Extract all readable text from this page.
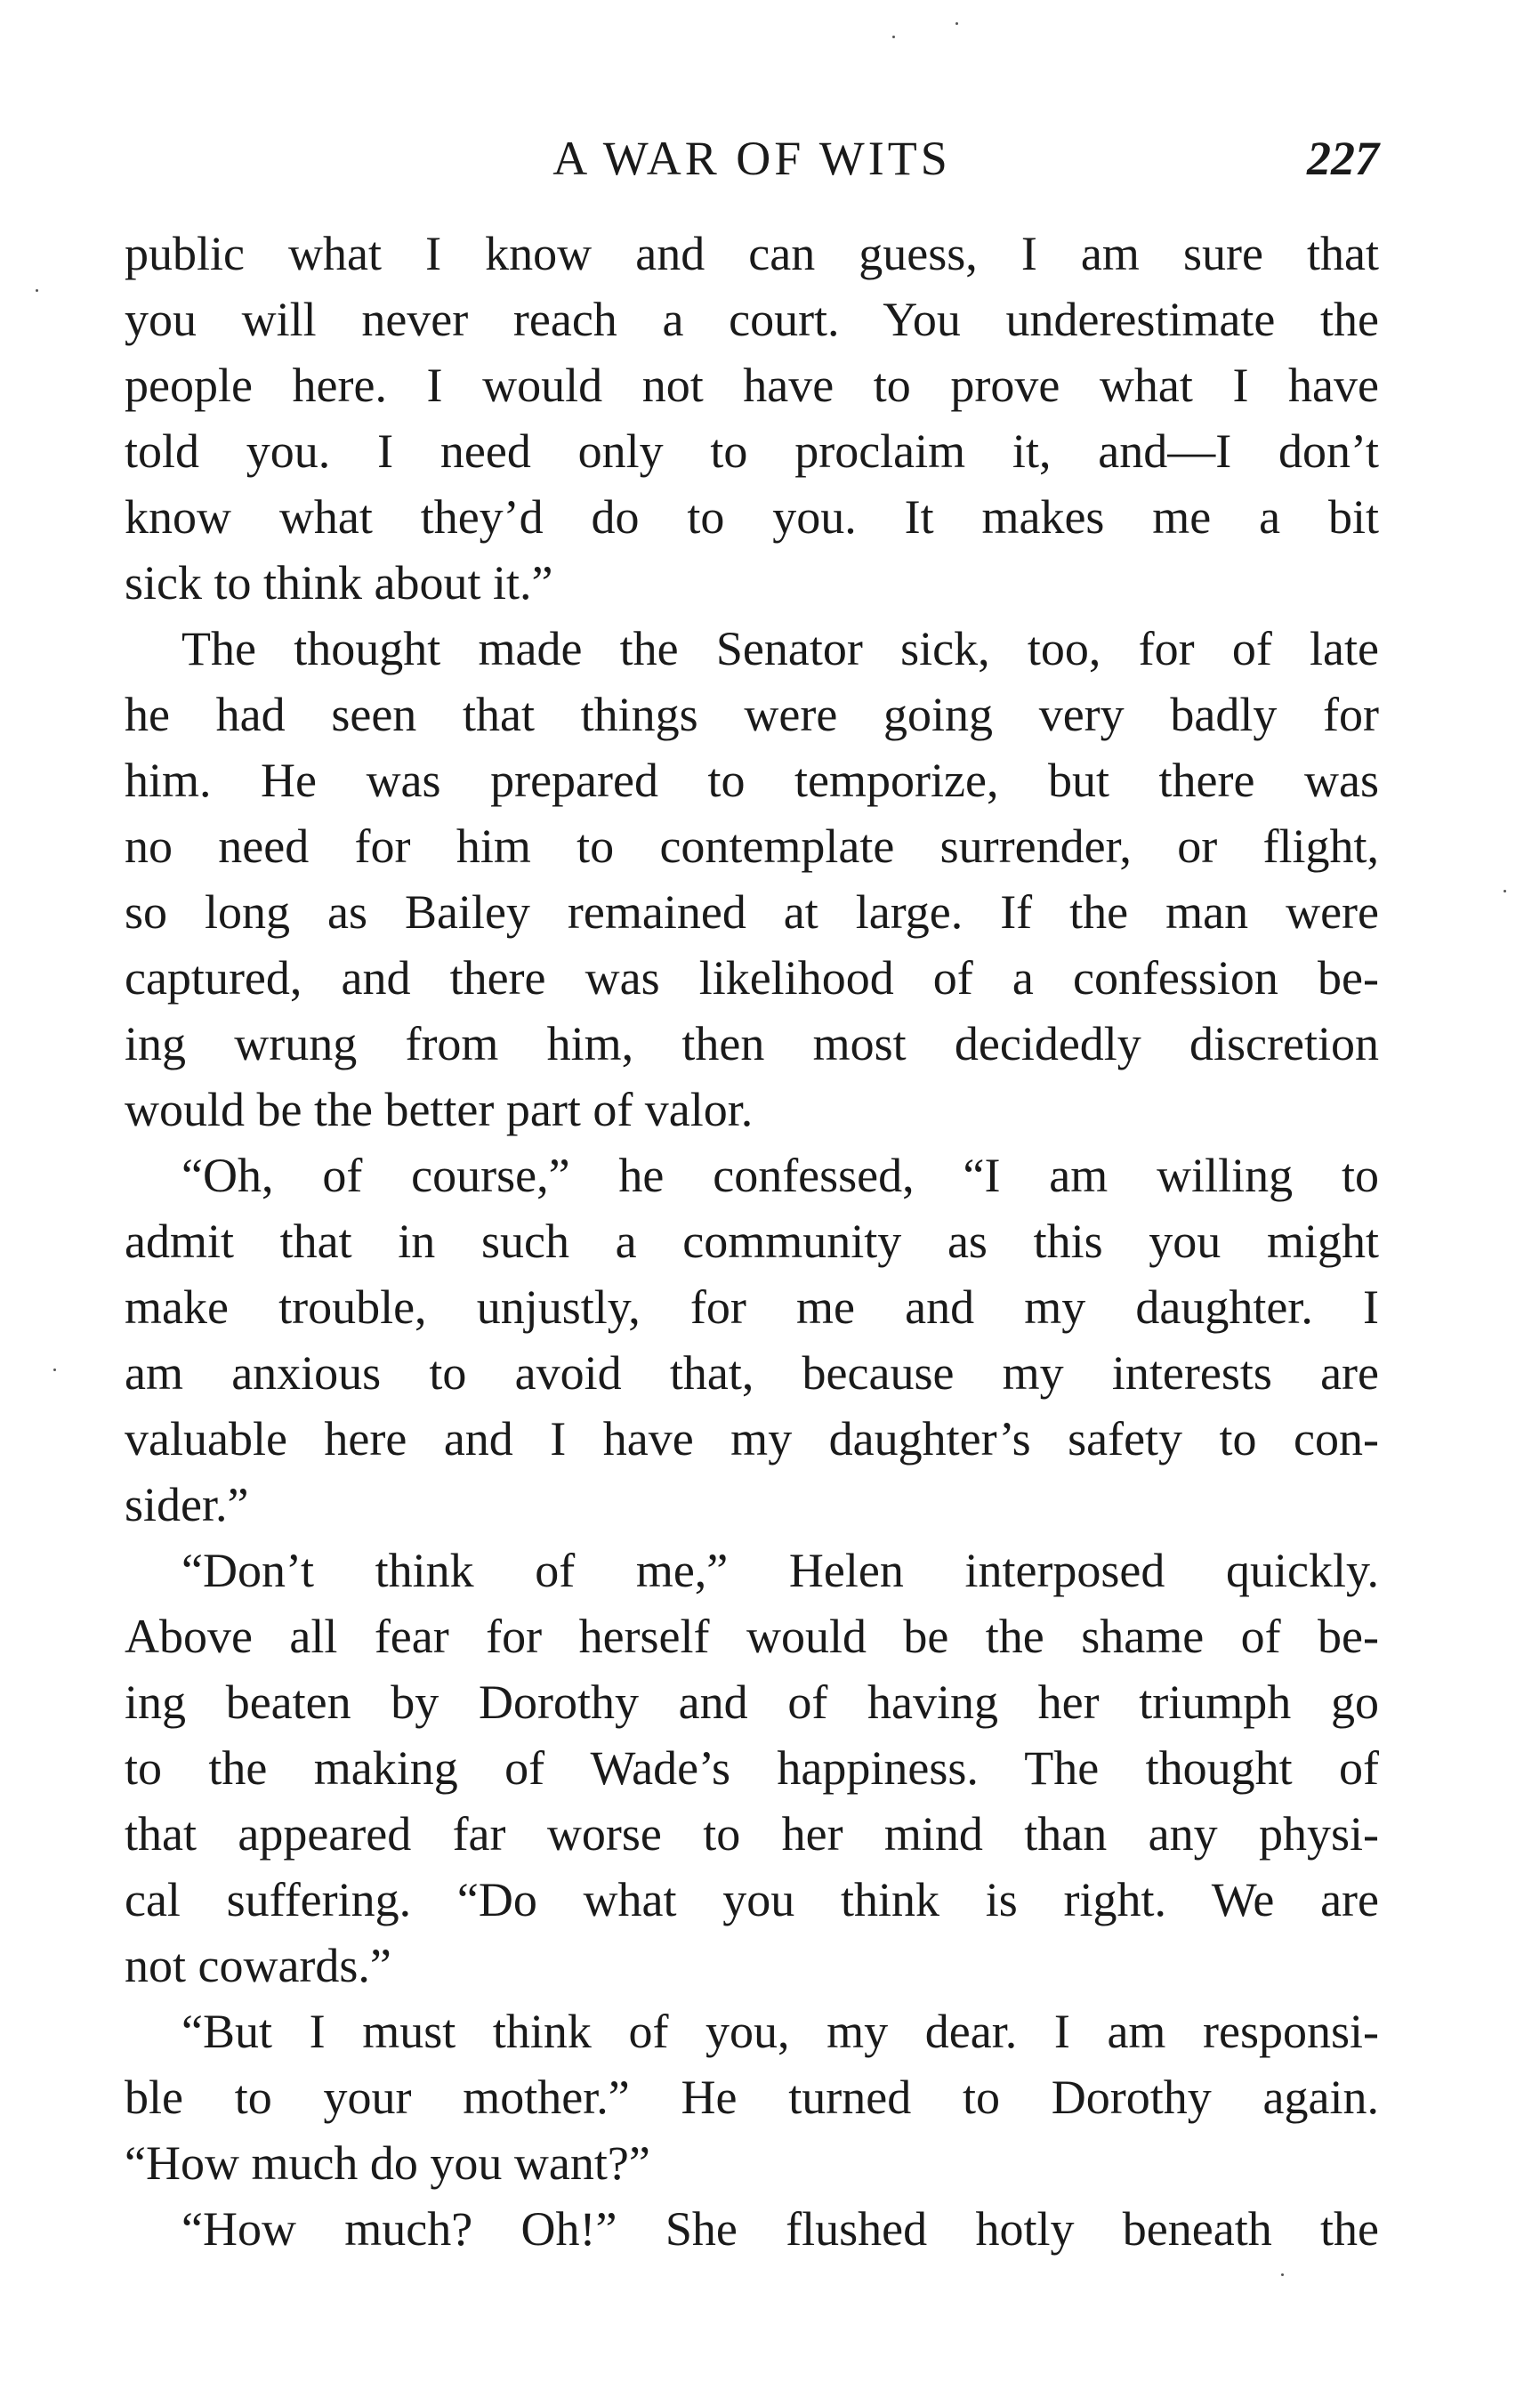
A WAR OF WITS	227
public what I know and can guess, I am sure that
you will never reach a court. You underestimate the
people here. I would not have to prove what I have
told you. I need only to proclaim it, and—I don’t
know what they’d do to you. It makes me a bit
sick to think about it.”
The thought made the Senator sick, too, for of late
he had seen that things were going very badly for
him. He was prepared to temporize, but there was
no need for him to contemplate surrender, or flight,
so long as Bailey remained at large. If the man were
captured, and there was likelihood of a confession be-
ing wrung from him, then most decidedly discretion
would be the better part of valor.
“Oh, of course,” he confessed, “I am willing to
admit that in such a community as this you might
make trouble, unjustly, for me and my daughter. I
am anxious to avoid that, because my interests are
valuable here and I have my daughter’s safety to con-
sider.”
“Don’t think of me,” Helen interposed quickly.
Above all fear for herself would be the shame of be-
ing beaten by Dorothy and of having her triumph go
to the making of Wade’s happiness. The thought of
that appeared far worse to her mind than any physi-
cal suffering. “Do what you think is right. We are
not cowards.”
“But I must think of you, my dear. I am responsi-
ble to your mother.” He turned to Dorothy again.
“How much do you want?”
“How much? Oh!” She flushed hotly beneath the
